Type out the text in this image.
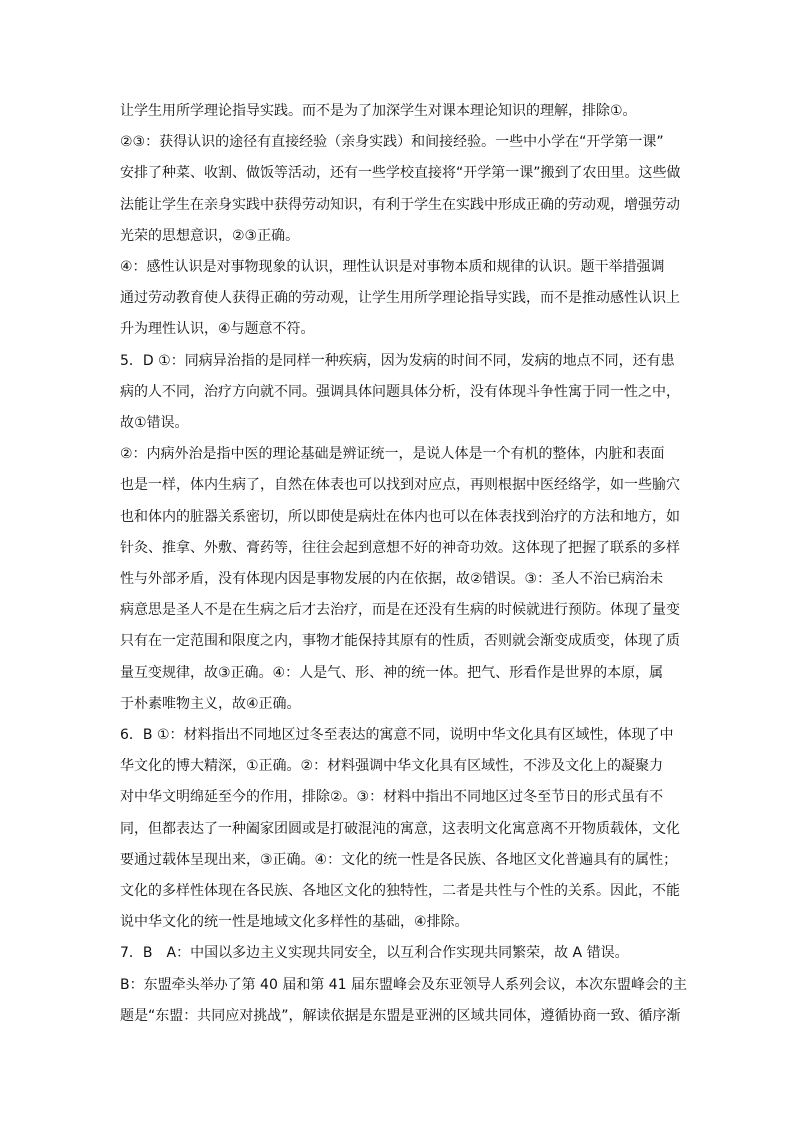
让学生用所学理论指导实践。而不是为了加深学生对课本理论知识的理解，排除①。
②③：获得认识的途径有直接经验（亲身实践）和间接经验。一些中小学在“开学第一课”
安排了种菜、收割、做饭等活动，还有一些学校直接将“开学第一课”搬到了农田里。这些做
法能让学生在亲身实践中获得劳动知识，有利于学生在实践中形成正确的劳动观，增强劳动
光荣的思想意识，②③正确。
④：感性认识是对事物现象的认识，理性认识是对事物本质和规律的认识。题干举措强调
通过劳动教育使人获得正确的劳动观，让学生用所学理论指导实践，而不是推动感性认识上
升为理性认识，④与题意不符。
5．D ①：同病异治指的是同样一种疾病，因为发病的时间不同，发病的地点不同，还有患
病的人不同，治疗方向就不同。强调具体问题具体分析，没有体现斗争性寓于同一性之中，
故①错误。
②：内病外治是指中医的理论基础是辨证统一，是说人体是一个有机的整体，内脏和表面
也是一样，体内生病了，自然在体表也可以找到对应点，再则根据中医经络学，如一些腧穴
也和体内的脏器关系密切，所以即使是病灶在体内也可以在体表找到治疗的方法和地方，如
针灸、推拿、外敷、膏药等，往往会起到意想不好的神奇功效。这体现了把握了联系的多样
性与外部矛盾，没有体现内因是事物发展的内在依据，故②错误。③：圣人不治已病治未
病意思是圣人不是在生病之后才去治疗，而是在还没有生病的时候就进行预防。体现了量变
只有在一定范围和限度之内，事物才能保持其原有的性质，否则就会渐变成质变，体现了质
量互变规律，故③正确。④：人是气、形、神的统一体。把气、形看作是世界的本原，属
于朴素唯物主义，故④正确。
6．B ①：材料指出不同地区过冬至表达的寓意不同，说明中华文化具有区域性，体现了中
华文化的博大精深，①正确。②：材料强调中华文化具有区域性，不涉及文化上的凝聚力
对中华文明绵延至今的作用，排除②。③：材料中指出不同地区过冬至节日的形式虽有不
同，但都表达了一种阖家团圆或是打破混沌的寓意，这表明文化寓意离不开物质载体，文化
要通过载体呈现出来，③正确。④：文化的统一性是各民族、各地区文化普遍具有的属性；
文化的多样性体现在各民族、各地区文化的独特性，二者是共性与个性的关系。因此，不能
说中华文化的统一性是地域文化多样性的基础，④排除。
7．B　A：中国以多边主义实现共同安全，以互利合作实现共同繁荣，故 A 错误。
B：东盟牵头举办了第 40 届和第 41 届东盟峰会及东亚领导人系列会议，本次东盟峰会的主
题是“东盟：共同应对挑战”，解读依据是东盟是亚洲的区域共同体，遵循协商一致、循序渐
